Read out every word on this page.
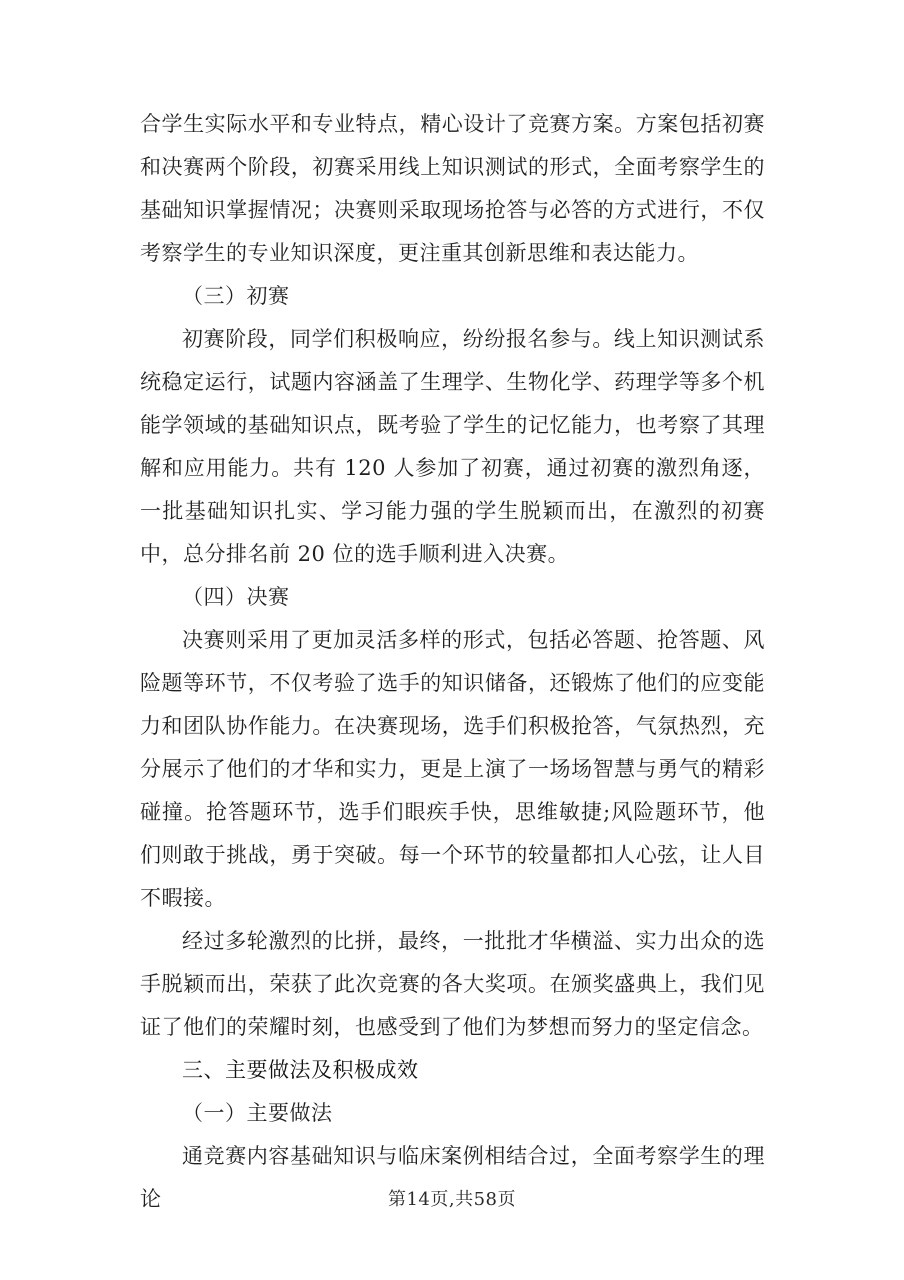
合学生实际水平和专业特点，精心设计了竞赛方案。方案包括初赛和决赛两个阶段，初赛采用线上知识测试的形式，全面考察学生的基础知识掌握情况；决赛则采取现场抢答与必答的方式进行，不仅考察学生的专业知识深度，更注重其创新思维和表达能力。

（三）初赛

初赛阶段，同学们积极响应，纷纷报名参与。线上知识测试系统稳定运行，试题内容涵盖了生理学、生物化学、药理学等多个机能学领域的基础知识点，既考验了学生的记忆能力，也考察了其理解和应用能力。共有 120 人参加了初赛，通过初赛的激烈角逐，一批基础知识扎实、学习能力强的学生脱颖而出，在激烈的初赛中，总分排名前 20 位的选手顺利进入决赛。

（四）决赛

决赛则采用了更加灵活多样的形式，包括必答题、抢答题、风险题等环节，不仅考验了选手的知识储备，还锻炼了他们的应变能力和团队协作能力。在决赛现场，选手们积极抢答，气氛热烈，充分展示了他们的才华和实力，更是上演了一场场智慧与勇气的精彩碰撞。抢答题环节，选手们眼疾手快，思维敏捷;风险题环节，他们则敢于挑战，勇于突破。每一个环节的较量都扣人心弦，让人目不暇接。

经过多轮激烈的比拼，最终，一批批才华横溢、实力出众的选手脱颖而出，荣获了此次竞赛的各大奖项。在颁奖盛典上，我们见证了他们的荣耀时刻，也感受到了他们为梦想而努力的坚定信念。

三、主要做法及积极成效

（一）主要做法

通竞赛内容基础知识与临床案例相结合过，全面考察学生的理论	第14页,共58页
